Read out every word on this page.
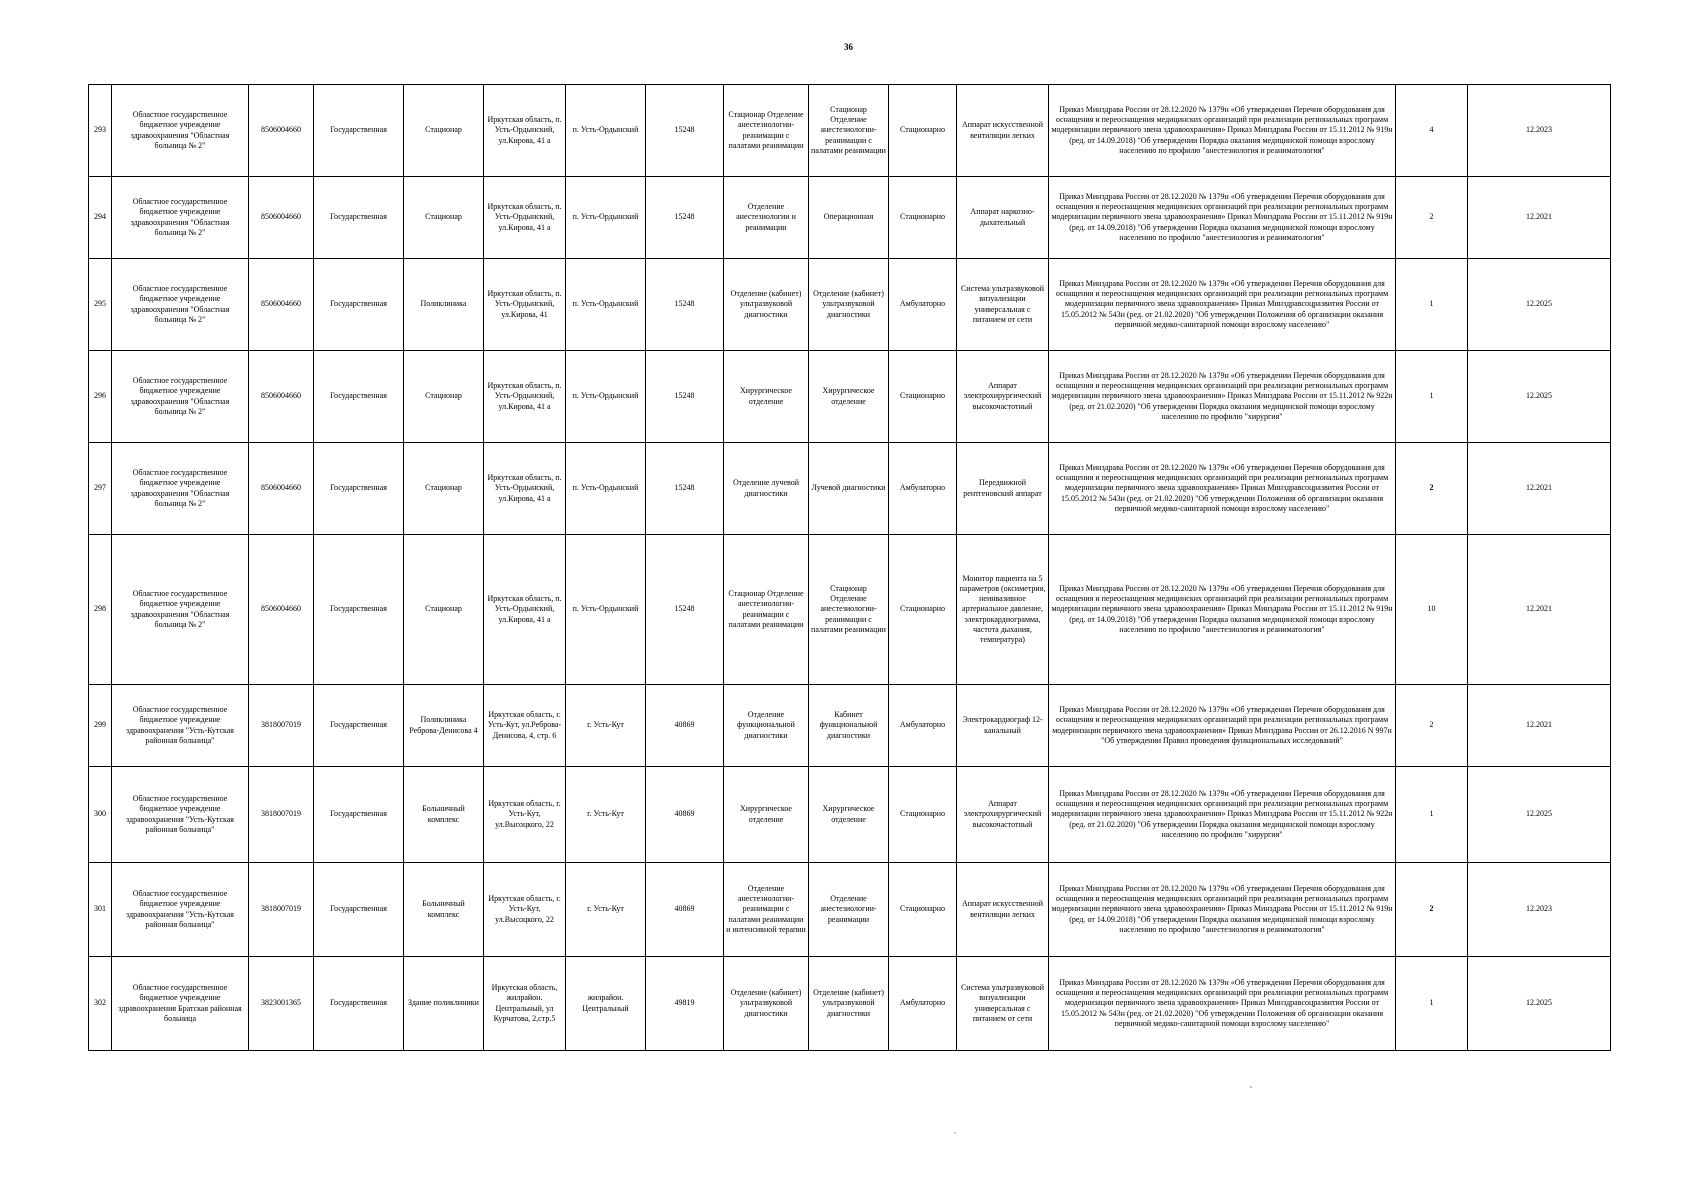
36
293	Областное государственное бюджетное учреждение здравоохранения "Областная больница № 2"	8506004660	Государственная	Стационар	Иркутская область, п. Усть-Ордынский, ул.Кирова, 41 а	п. Усть-Ордынский	15248	Стационар Отделение анестезиологии-реанимации с палатами реанимации	Стационар Отделение анестезиологии-реанимации с палатами реанимации	Стационарно	Аппарат искусственной вентиляции легких	Приказ Минздрава России от 28.12.2020 № 1379н «Об утверждении Перечня оборудования для оснащения и переоснащения медицинских организаций при реализации региональных программ модернизации первичного звена здравоохранения» Приказ Минздрава России от 15.11.2012 № 919н (ред. от 14.09.2018) "Об утверждении Порядка оказания медицинской помощи взрослому населению по профилю "анестезиология и реаниматология"	4	12.2023
294	Областное государственное бюджетное учреждение здравоохранения "Областная больница № 2"	8506004660	Государственная	Стационар	Иркутская область, п. Усть-Ордынский, ул.Кирова, 41 а	п. Усть-Ордынский	15248	Отделение анестезиологии и реанимации	Операционная	Стационарно	Аппарат наркозно-дыхательный	Приказ Минздрава России от 28.12.2020 № 1379н «Об утверждении Перечня оборудования для оснащения и переоснащения медицинских организаций при реализации региональных программ модернизации первичного звена здравоохранения» Приказ Минздрава России от 15.11.2012 № 919н (ред. от 14.09.2018) "Об утверждении Порядка оказания медицинской помощи взрослому населению по профилю "анестезиология и реаниматология"	2	12.2021
295	Областное государственное бюджетное учреждение здравоохранения "Областная больница № 2"	8506004660	Государственная	Поликлиника	Иркутская область, п. Усть-Ордынский, ул.Кирова, 41	п. Усть-Ордынский	15248	Отделение (кабинет) ультразвуковой диагностики	Отделение (кабинет) ультразвуковой диагностики	Амбулаторно	Система ультразвуковой визуализации универсальная с питанием от сети	Приказ Минздрава России от 28.12.2020 № 1379н «Об утверждении Перечня оборудования для оснащения и переоснащения медицинских организаций при реализации региональных программ модернизации первичного звена здравоохранения» Приказ Минздравсоцразвития России от 15.05.2012 № 543н (ред. от 21.02.2020) "Об утверждении Положения об организации оказания первичной медико-санитарной помощи взрослому населению"	1	12.2025
296	Областное государственное бюджетное учреждение здравоохранения "Областная больница № 2"	8506004660	Государственная	Стационар	Иркутская область, п. Усть-Ордынский, ул.Кирова, 41 а	п. Усть-Ордынский	15248	Хирургическое отделение	Хирургическое отделение	Стационарно	Аппарат электрохирургический высокочастотный	Приказ Минздрава России от 28.12.2020 № 1379н «Об утверждении Перечня оборудования для оснащения и переоснащения медицинских организаций при реализации региональных программ модернизации первичного звена здравоохранения» Приказ Минздрава России от 15.11.2012 № 922н (ред. от 21.02.2020) "Об утверждении Порядка оказания медицинской помощи взрослому населению по профилю "хирургия"	1	12.2025
297	Областное государственное бюджетное учреждение здравоохранения "Областная больница № 2"	8506004660	Государственная	Стационар	Иркутская область, п. Усть-Ордынский, ул.Кирова, 41 а	п. Усть-Ордынский	15248	Отделение лучевой диагностики	Лучевой диагностики	Амбулаторно	Передвижной рентгеновский аппарат	Приказ Минздрава России от 28.12.2020 № 1379н «Об утверждении Перечня оборудования для оснащения и переоснащения медицинских организаций при реализации региональных программ модернизации первичного звена здравоохранения» Приказ Минздравсоцразвития России от 15.05.2012 № 543н (ред. от 21.02.2020) "Об утверждении Положения об организации оказания первичной медико-санитарной помощи взрослому населению"	2	12.2021
298	Областное государственное бюджетное учреждение здравоохранения "Областная больница № 2"	8506004660	Государственная	Стационар	Иркутская область, п. Усть-Ордынский, ул.Кирова, 41 а	п. Усть-Ордынский	15248	Стационар Отделение анестезиологии-реанимации с палатами реанимации	Стационар Отделение анестезиологии-реанимации с палатами реанимации	Стационарно	Монитор пациента на 5 параметров (оксиметрия, неинвазивное артериальное давление, электрокардиограмма, частота дыхания, температура)	Приказ Минздрава России от 28.12.2020 № 1379н «Об утверждении Перечня оборудования для оснащения и переоснащения медицинских организаций при реализации региональных программ модернизации первичного звена здравоохранения» Приказ Минздрава России от 15.11.2012 № 919н (ред. от 14.09.2018) "Об утверждении Порядка оказания медицинской помощи взрослому населению по профилю "анестезиология и реаниматология"	10	12.2021
299	Областное государственное бюджетное учреждение здравоохранения "Усть-Кутская районная больница"	3818007019	Государственная	Поликлиника Реброва-Денисова 4	Иркутская область, г. Усть-Кут, ул.Реброва-Денисова, 4, стр. 6	г. Усть-Кут	40869	Отделение функциональной диагностики	Кабинет функциональной диагностики	Амбулаторно	Электрокардиограф 12-канальный	Приказ Минздрава России от 28.12.2020 № 1379н «Об утверждении Перечня оборудования для оснащения и переоснащения медицинских организаций при реализации региональных программ модернизации первичного звена здравоохранения» Приказ Минздрава России от 26.12.2016 N 997н "Об утверждении Правил проведения функциональных исследований"	2	12.2021
300	Областное государственное бюджетное учреждение здравоохранения "Усть-Кутская районная больница"	3818007019	Государственная	Больничный комплекс	Иркутская область, г. Усть-Кут, ул.Высоцкого, 22	г. Усть-Кут	40869	Хирургическое отделение	Хирургическое отделение	Стационарно	Аппарат электрохирургический высокочастотный	Приказ Минздрава России от 28.12.2020 № 1379н «Об утверждении Перечня оборудования для оснащения и переоснащения медицинских организаций при реализации региональных программ модернизации первичного звена здравоохранения» Приказ Минздрава России от 15.11.2012 № 922н (ред. от 21.02.2020) "Об утверждении Порядка оказания медицинской помощи взрослому населению по профилю "хирургия"	1	12.2025
301	Областное государственное бюджетное учреждение здравоохранения "Усть-Кутская районная больница"	3818007019	Государственная	Больничный комплекс	Иркутская область, г. Усть-Кут, ул.Высоцкого, 22	г. Усть-Кут	40869	Отделение анестезиологии-реанимации с палатами реанимации и интенсивной терапии	Отделение анестезиологии-реанимации	Стационарно	Аппарат искусственной вентиляции легких	Приказ Минздрава России от 28.12.2020 № 1379н «Об утверждении Перечня оборудования для оснащения и переоснащения медицинских организаций при реализации региональных программ модернизации первичного звена здравоохранения» Приказ Минздрава России от 15.11.2012 № 919н (ред. от 14.09.2018) "Об утверждении Порядка оказания медицинской помощи взрослому населению по профилю "анестезиология и реаниматология"	2	12.2023
302	Областное государственное бюджетное учреждение здравоохранения Братская районная больница	3823001365	Государственная	Здание поликлиники	Иркутская область, жилрайон. Центральный, ул Курчатова, 2,стр.5	жилрайон. Центральный	49819	Отделение (кабинет) ультразвуковой диагностики	Отделение (кабинет) ультразвуковой диагностики	Амбулаторно	Система ультразвуковой визуализации универсальная с питанием от сети	Приказ Минздрава России от 28.12.2020 № 1379н «Об утверждении Перечня оборудования для оснащения и переоснащения медицинских организаций при реализации региональных программ модернизации первичного звена здравоохранения» Приказ Минздравсоцразвития России от 15.05.2012 № 543н (ред. от 21.02.2020) "Об утверждении Положения об организации оказания первичной медико-санитарной помощи взрослому населению"	1	12.2025
